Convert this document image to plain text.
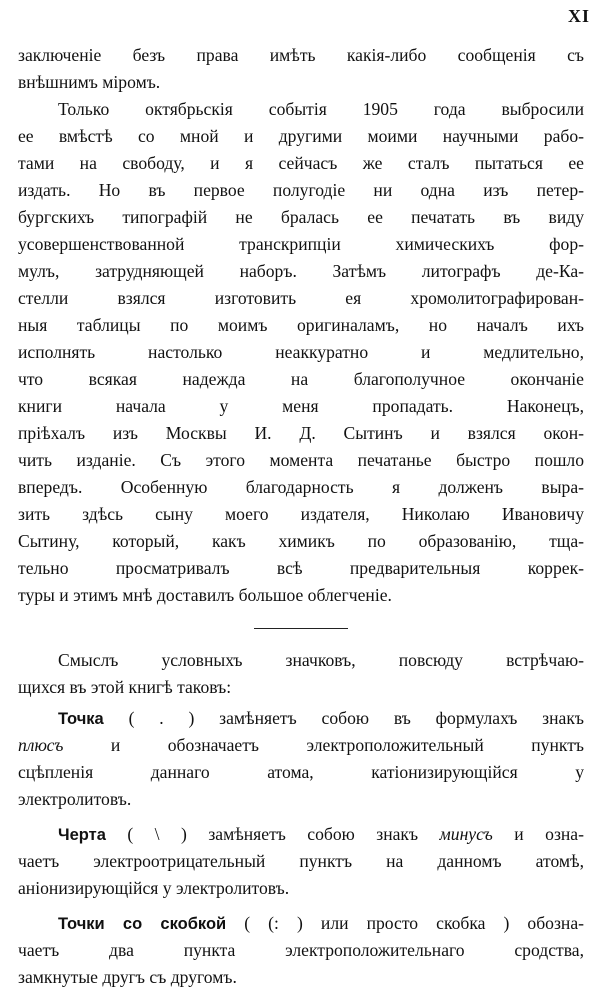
XI
заключеніе безъ права имѣть какія-либо сообщенія съ
внѣшнимъ міромъ.
Только октябрьскія событія 1905 года выбросили
ее вмѣстѣ со мной и другими моими научными рабо-
тами на свободу, и я сейчасъ же сталъ пытаться ее
издать. Но въ первое полугодіе ни одна изъ петер-
бургскихъ типографій не бралась ее печатать въ виду
усовершенствованной транскрипціи химическихъ фор-
мулъ, затрудняющей наборъ. Затѣмъ литографъ де-Ка-
стелли взялся изготовить ея хромолитографирован-
ныя таблицы по моимъ оригиналамъ, но началъ ихъ
исполнять настолько неаккуратно и медлительно,
что всякая надежда на благополучное окончаніе
книги начала у меня пропадать. Наконецъ,
пріѣхалъ изъ Москвы И. Д. Сытинъ и взялся окон-
чить изданіе. Съ этого момента печатанье быстро пошло
впередъ. Особенную благодарность я долженъ выра-
зить здѣсь сыну моего издателя, Николаю Ивановичу
Сытину, который, какъ химикъ по образованію, тща-
тельно просматривалъ всѣ предварительныя коррек-
туры и этимъ мнѣ доставилъ большое облегченіе.
Смыслъ условныхъ значковъ, повсюду встрѣчаю-
щихся въ этой книгѣ таковъ:
Точка ( . ) замѣняетъ собою въ формулахъ знакъ
плюсъ	и обозначаетъ электроположительный пунктъ
сцѣпленія даннаго атома, катіонизирующійся у
электролитовъ.
Черта ( \ ) замѣняетъ собою знакъ минусъ и озна-
чаетъ электроотрицательный пунктъ на данномъ атомѣ,
аніонизирующійся у электролитовъ.
Точки со скобкой ( (: ) или просто скобка ) обозна-
чаетъ два пункта электроположительнаго сродства,
замкнутые другъ съ другомъ.
